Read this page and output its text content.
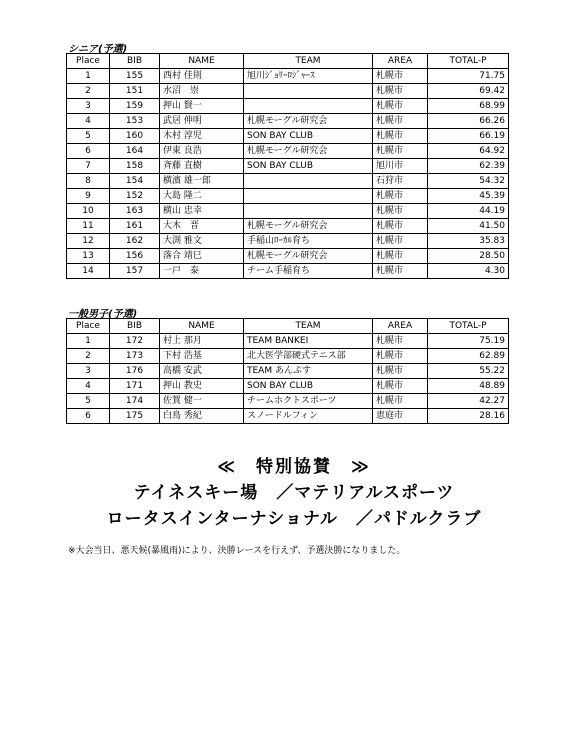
シニア(予選)
Place	BIB	NAME	TEAM	AREA	TOTAL-P
1	155	西村 佳則	旭川ｼﾞｮﾘｰﾛｼﾞｬｰｽ	札幌市	71.75
2	151	水沼　崇		札幌市	69.42
3	159	押山 賢一		札幌市	68.99
4	153	武居 伸明	札幌モーグル研究会	札幌市	66.26
5	160	木村 淳児	SON BAY CLUB	札幌市	66.19
6	164	伊東 良浩	札幌モーグル研究会	札幌市	64.92
7	158	斉藤 直樹	SON BAY CLUB	旭川市	62.39
8	154	横濱 雄一郎		石狩市	54.32
9	152	大島 隆二		札幌市	45.39
10	163	横山 忠幸		札幌市	44.19
11	161	大木　晋	札幌モーグル研究会	札幌市	41.50
12	162	大渕 雅文	手稲山ﾛｰｶﾙ育ち	札幌市	35.83
13	156	落合 靖巳	札幌モーグル研究会	札幌市	28.50
14	157	一戸　泰	チーム手稲育ち	札幌市	4.30
一般男子(予選)
Place	BIB	NAME	TEAM	AREA	TOTAL-P
1	172	村上 那月	TEAM BANKEI	札幌市	75.19
2	173	下村 浩基	北大医学部硬式テニス部	札幌市	62.89
3	176	高橋 安武	TEAM あんぷす	札幌市	55.22
4	171	押山 教史	SON BAY CLUB	札幌市	48.89
5	174	佐賀 健一	チームホクトスポーツ	札幌市	42.27
6	175	白鳥 秀紀	スノードルフィン	恵庭市	28.16
≪　特別協賛　≫
テイネスキー場　／マテリアルスポーツ
ロータスインターナショナル　／パドルクラブ
※大会当日、悪天候(暴風雨)により、決勝レースを行えず、予選決勝になりました。
